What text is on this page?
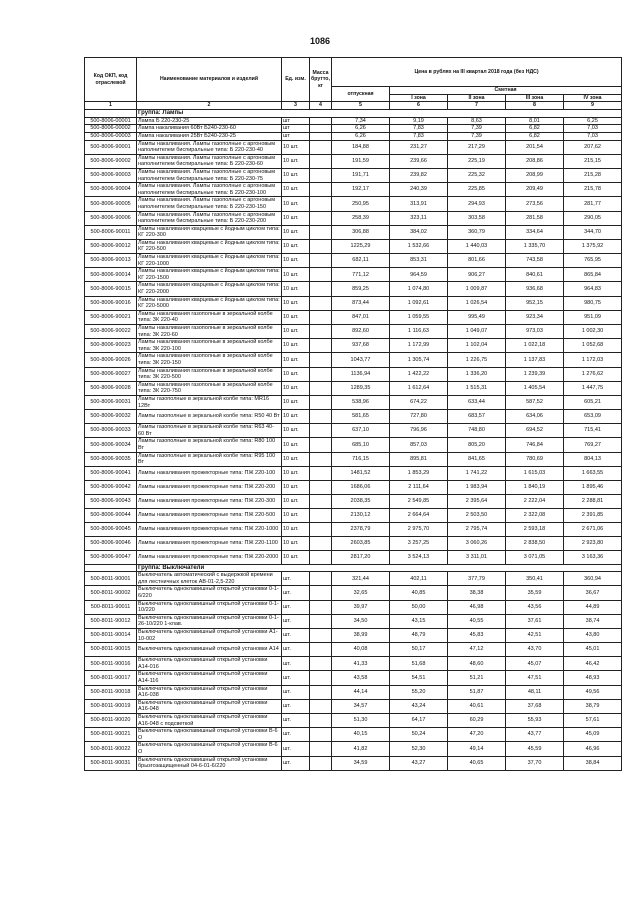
1086
Код ОКП, код отраслевой	Наименование материалов и изделий	Ед. изм.	Масса брутто, кг	Цена в рублях на III квартал 2018 года (без НДС)				
				отпускная	Сметная			
					I зона	II зона	III зона	IV зона
1	2	3	4	5	6	7	8	9
	Группа: Лампы							
500-8006-00001	Лампа Б 220-230-25	шт		7,34	9,19	8,63	8,01	6,25
500-8006-00002	Лампа накаливания 60Вт Б240-230-60	шт		6,26	7,83	7,39	6,82	7,03
500-8006-00003	Лампа накаливания 25Вт Б240-230-25	шт		6,26	7,83	7,39	6,82	7,03
500-8006-90001	Лампы накаливания. Лампы газополные с аргоновым наполнителем биспиральные типа: Б 220-230-40	10 шт.		184,88	231,27	217,29	201,54	207,62
500-8006-90002	Лампы накаливания. Лампы газополные с аргоновым наполнителем биспиральные типа: Б 220-230-60	10 шт.		191,59	239,66	225,19	208,86	215,15
500-8006-90003	Лампы накаливания. Лампы газополные с аргоновым наполнителем биспиральные типа: Б 220-230-75	10 шт.		191,71	239,82	225,32	208,99	215,28
500-8006-90004	Лампы накаливания. Лампы газополные с аргоновым наполнителем биспиральные типа: Б 220-230-100	10 шт.		192,17	240,39	225,85	209,49	215,78
500-8006-90005	Лампы накаливания. Лампы газополные с аргоновым наполнителем биспиральные типа: Б 220-230-150	10 шт.		250,95	313,91	294,93	273,56	281,77
500-8006-90006	Лампы накаливания. Лампы газополные с аргоновым наполнителем биспиральные типа: Б 220-230-200	10 шт.		258,39	323,11	303,58	281,58	290,05
500-8006-90011	Лампы накаливания кварцевые с йодным циклом типа: КГ 220-300	10 шт.		306,88	384,02	360,79	334,64	344,70
500-8006-90012	Лампы накаливания кварцевые с йодным циклом типа: КГ 220-500	10 шт.		1225,29	1 532,66	1 440,03	1 335,70	1 375,92
500-8006-90013	Лампы накаливания кварцевые с йодным циклом типа: КГ 220-1000	10 шт.		682,11	853,31	801,66	743,58	765,95
500-8006-90014	Лампы накаливания кварцевые с йодным циклом типа: КГ 220-1500	10 шт.		771,12	964,59	906,27	840,61	865,84
500-8006-90015	Лампы накаливания кварцевые с йодным циклом типа: КГ 220-2000	10 шт.		859,25	1 074,80	1 009,87	936,68	964,83
500-8006-90016	Лампы накаливания кварцевые с йодным циклом типа: КГ 220-5000	10 шт.		873,44	1 092,61	1 026,54	952,15	980,75
500-8006-90021	Лампы накаливания газополные в зеркальной колбе типа: ЗК 220-40	10 шт.		847,01	1 059,55	995,49	923,34	951,09
500-8006-90022	Лампы накаливания газополные в зеркальной колбе типа: ЗК 220-60	10 шт.		892,60	1 116,63	1 049,07	973,03	1 002,30
500-8006-90023	Лампы накаливания газополные в зеркальной колбе типа: ЗК 220-100	10 шт.		937,68	1 172,99	1 102,04	1 022,18	1 052,68
500-8006-90026	Лампы накаливания газополные в зеркальной колбе типа: ЗК 220-150	10 шт.		1043,77	1 305,74	1 226,75	1 137,83	1 172,03
500-8006-90027	Лампы накаливания газополные в зеркальной колбе типа: ЗК 220-500	10 шт.		1136,94	1 422,22	1 336,20	1 239,39	1 276,62
500-8006-90028	Лампы накаливания газополные в зеркальной колбе типа: ЗК 220-750	10 шт.		1289,35	1 612,64	1 515,31	1 405,54	1 447,75
500-8006-90031	Лампы газополные в зеркальной колбе типа: МR16 12Вт	10 шт.		538,96	674,22	633,44	587,52	605,21
500-8006-90032	Лампы газополные в зеркальной колбе типа: R50 40 Вт	10 шт.		581,65	727,80	683,57	634,06	653,09
500-8006-90033	Лампы газополные в зеркальной колбе типа: R63 40-60 Вт	10 шт.		637,10	796,96	748,80	694,52	715,41
500-8006-90034	Лампы газополные в зеркальной колбе типа: R80 100 Вт	10 шт.		685,10	857,03	805,20	746,84	769,27
500-8006-90035	Лампы газополные в зеркальной колбе типа: R95 100 Вт	10 шт.		716,15	895,81	841,65	780,69	804,13
500-8006-90041	Лампы накаливания прожекторные типа: ПЖ 220-100	10 шт.		1481,52	1 853,29	1 741,22	1 615,03	1 663,55
500-8006-90042	Лампы накаливания прожекторные типа: ПЖ 220-200	10 шт.		1686,06	2 111,64	1 983,94	1 840,19	1 895,46
500-8006-90043	Лампы накаливания прожекторные типа: ПЖ 220-300	10 шт.		2038,35	2 549,85	2 395,64	2 222,04	2 288,81
500-8006-90044	Лампы накаливания прожекторные типа: ПЖ 220-500	10 шт.		2130,12	2 664,64	2 503,50	2 322,08	2 391,85
500-8006-90045	Лампы накаливания прожекторные типа: ПЖ 220-1000	10 шт.		2378,79	2 975,70	2 795,74	2 593,18	2 671,06
500-8006-90046	Лампы накаливания прожекторные типа: ПЖ 220-1100	10 шт.		2603,85	3 257,25	3 060,26	2 838,50	2 923,80
500-8006-90047	Лампы накаливания прожекторные типа: ПЖ 220-2000	10 шт.		2817,20	3 524,13	3 311,01	3 071,05	3 163,36
	Группа: Выключатели							
500-8011-90001	Выключатель автоматический с выдержкой времени для лестничных клеток АВ-01-2,5-220	шт.		321,44	402,11	377,79	350,41	360,94
500-8011-90002	Выключатель одноклавишный открытой установки 0-1-6/220	шт.		32,65	40,85	38,38	35,59	36,67
500-8011-90011	Выключатель одноклавишный открытой установки 0-1-10/220	шт.		39,97	50,00	46,98	43,56	44,89
500-8011-90012	Выключатель одноклавишный открытой установки 0-1-26-10/220 1-клав.	шт.		34,50	43,15	40,55	37,61	38,74
500-8011-90014	Выключатель одноклавишный открытой установки А1-10-002	шт.		38,99	48,79	45,83	42,51	43,80
500-8011-90015	Выключатель одноклавишный открытой установки А14	шт.		40,08	50,17	47,12	43,70	45,01
500-8011-90016	Выключатель одноклавишный открытой установки А14-016	шт.		41,33	51,68	48,60	45,07	46,42
500-8011-90017	Выключатель одноклавишный открытой установки А14-116	шт.		43,58	54,51	51,21	47,51	48,93
500-8011-90018	Выключатель одноклавишный открытой установки А16-038	шт.		44,14	55,20	51,87	48,11	49,56
500-8011-90019	Выключатель одноклавишный открытой установки А16-048	шт.		34,57	43,24	40,61	37,68	38,79
500-8011-90020	Выключатель одноклавишный открытой установки А16-048 с подсветкой	шт.		51,30	64,17	60,29	55,93	57,61
500-8011-90021	Выключатель одноклавишный открытой установки В-6 О	шт.		40,15	50,24	47,20	43,77	45,09
500-8011-90022	Выключатель одноклавишный открытой установки В-6 О	шт.		41,82	52,30	49,14	45,59	46,96
500-8011-90031	Выключатель одноклавишный открытой установки брызгозащищенный 04-6-01-6/220	шт.		34,59	43,27	40,65	37,70	38,84
